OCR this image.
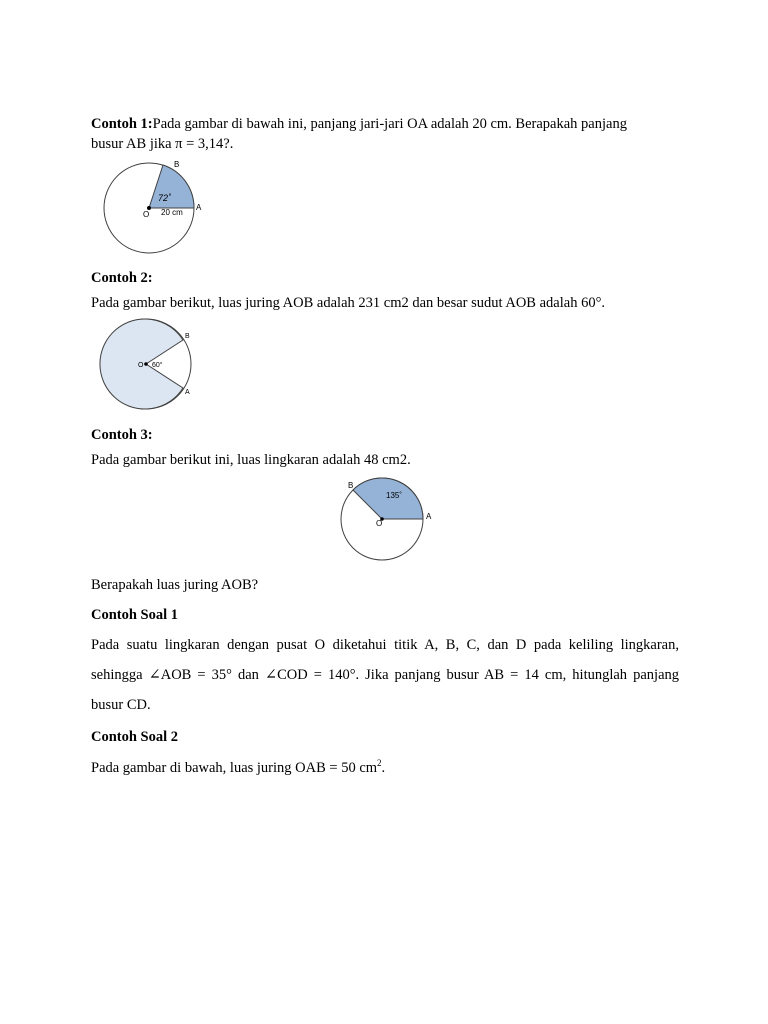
Contoh 1:Pada gambar di bawah ini, panjang jari-jari OA adalah 20 cm. Berapakah panjang

busur AB jika π = 3,14?.

B
A
O
72˚
20 cm

Contoh 2:

Pada gambar berikut, luas juring AOB adalah 231 cm2 dan besar sudut AOB adalah 60°.

B
A
O 60°

Contoh 3:

Pada gambar berikut ini, luas lingkaran adalah 48 cm2.

B
A
O
135˚

Berapakah luas juring AOB?

Contoh Soal 1

Pada suatu lingkaran dengan pusat O diketahui titik A, B, C, dan D pada keliling lingkaran,

sehingga ∠AOB = 35° dan ∠COD = 140°. Jika panjang busur AB = 14 cm, hitunglah panjang

busur CD.

Contoh Soal 2

Pada gambar di bawah, luas juring OAB = 50 $cm^2$.
